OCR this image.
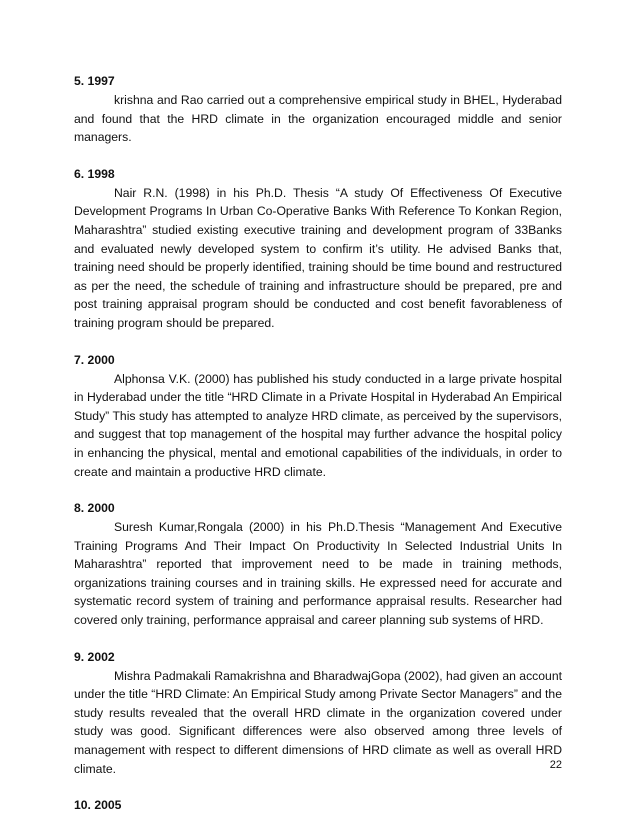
5. 1997

krishna and Rao carried out a comprehensive empirical study in BHEL, Hyderabad and found that the HRD climate in the organization encouraged middle and senior managers.

6. 1998

Nair R.N. (1998) in his Ph.D. Thesis “A study Of Effectiveness Of Executive Development Programs In Urban Co-Operative Banks With Reference To Konkan Region, Maharashtra” studied existing executive training and development program of 33Banks and evaluated newly developed system to confirm it’s utility. He advised Banks that, training need should be properly identified, training should be time bound and restructured as per the need, the schedule of training and infrastructure should be prepared, pre and post training appraisal program should be conducted and cost benefit favorableness of training program should be prepared.

7. 2000

Alphonsa V.K. (2000) has published his study conducted in a large private hospital in Hyderabad under the title “HRD Climate in a Private Hospital in Hyderabad An Empirical Study” This study has attempted to analyze HRD climate, as perceived by the supervisors, and suggest that top management of the hospital may further advance the hospital policy in enhancing the physical, mental and emotional capabilities of the individuals, in order to create and maintain a productive HRD climate.

8. 2000

Suresh Kumar,Rongala (2000) in his Ph.D.Thesis “Management And Executive Training Programs And Their Impact On Productivity In Selected Industrial Units In Maharashtra” reported that improvement need to be made in training methods, organizations training courses and in training skills. He expressed need for accurate and systematic record system of training and performance appraisal results. Researcher had covered only training, performance appraisal and career planning sub systems of HRD.

9. 2002

Mishra Padmakali Ramakrishna and BharadwajGopa (2002), had given an account under the title “HRD Climate: An Empirical Study among Private Sector Managers” and the study results revealed that the overall HRD climate in the organization covered under study was good. Significant differences were also observed among three levels of management with respect to different dimensions of HRD climate as well as overall HRD climate.

10. 2005

22
